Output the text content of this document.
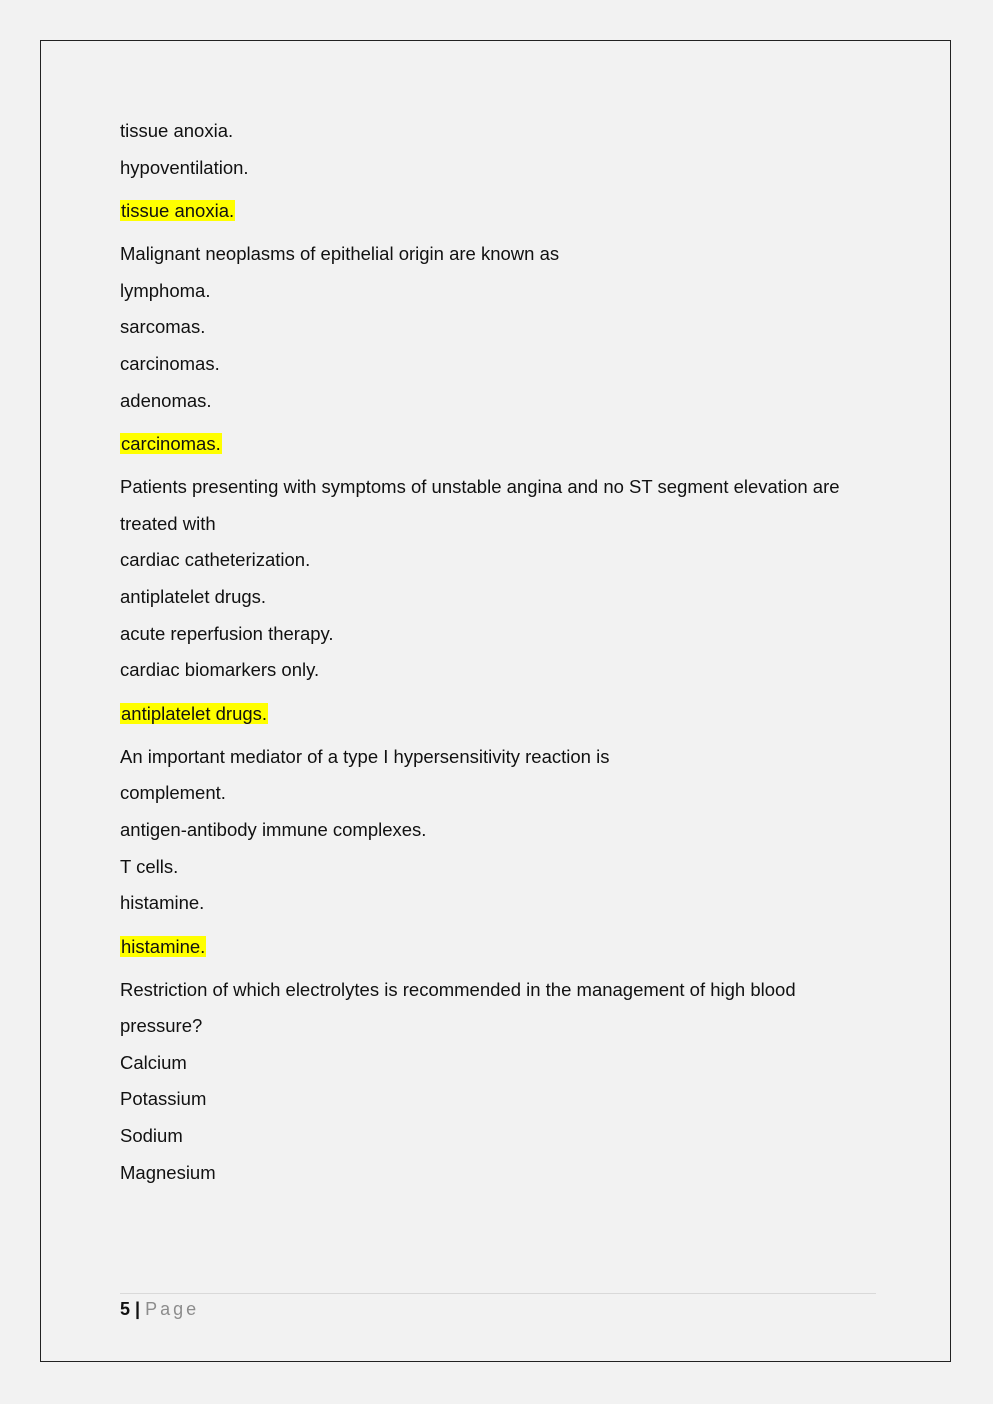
tissue anoxia.
hypoventilation.
tissue anoxia.
Malignant neoplasms of epithelial origin are known as
lymphoma.
sarcomas.
carcinomas.
adenomas.
carcinomas.
Patients presenting with symptoms of unstable angina and no ST segment elevation are treated with
cardiac catheterization.
antiplatelet drugs.
acute reperfusion therapy.
cardiac biomarkers only.
antiplatelet drugs.
An important mediator of a type I hypersensitivity reaction is
complement.
antigen-antibody immune complexes.
T cells.
histamine.
histamine.
Restriction of which electrolytes is recommended in the management of high blood pressure?
Calcium
Potassium
Sodium
Magnesium
5 | Page
